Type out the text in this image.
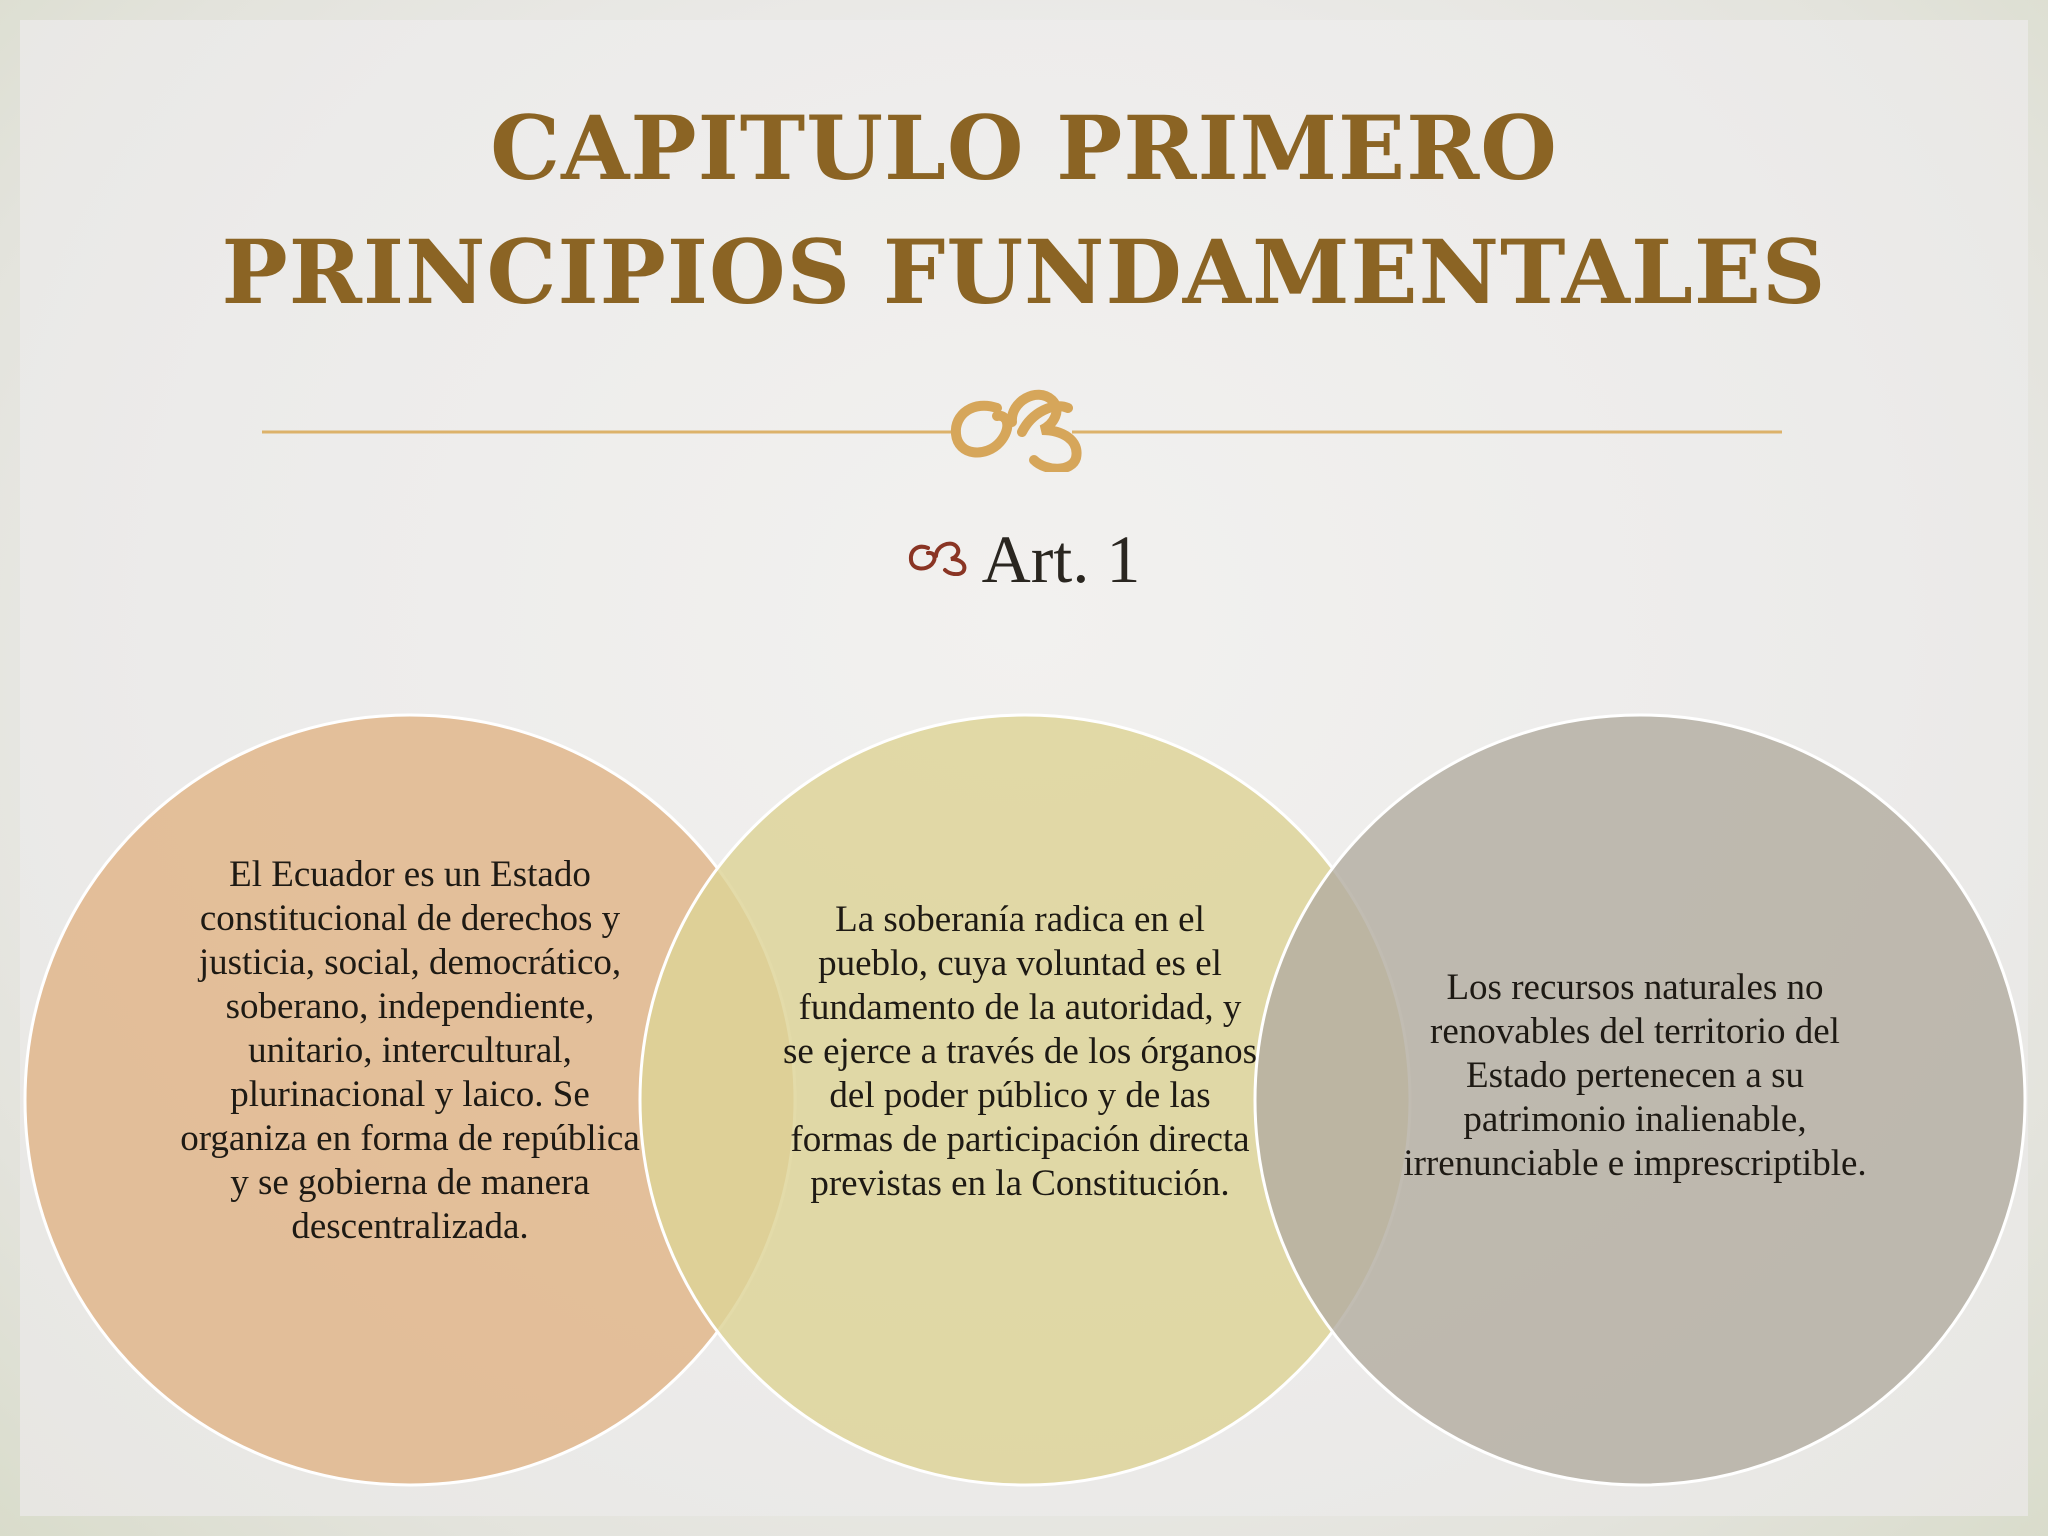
CAPITULO PRIMERO
PRINCIPIOS FUNDAMENTALES
Art. 1
El Ecuador es un Estado constitucional de derechos y justicia, social, democrático, soberano, independiente, unitario, intercultural, plurinacional y laico. Se organiza en forma de república y se gobierna de manera descentralizada.
La soberanía radica en el pueblo, cuya voluntad es el fundamento de la autoridad, y se ejerce a través de los órganos del poder público y de las formas de participación directa previstas en la Constitución.
Los recursos naturales no renovables del territorio del Estado pertenecen a su patrimonio inalienable, irrenunciable e imprescriptible.
